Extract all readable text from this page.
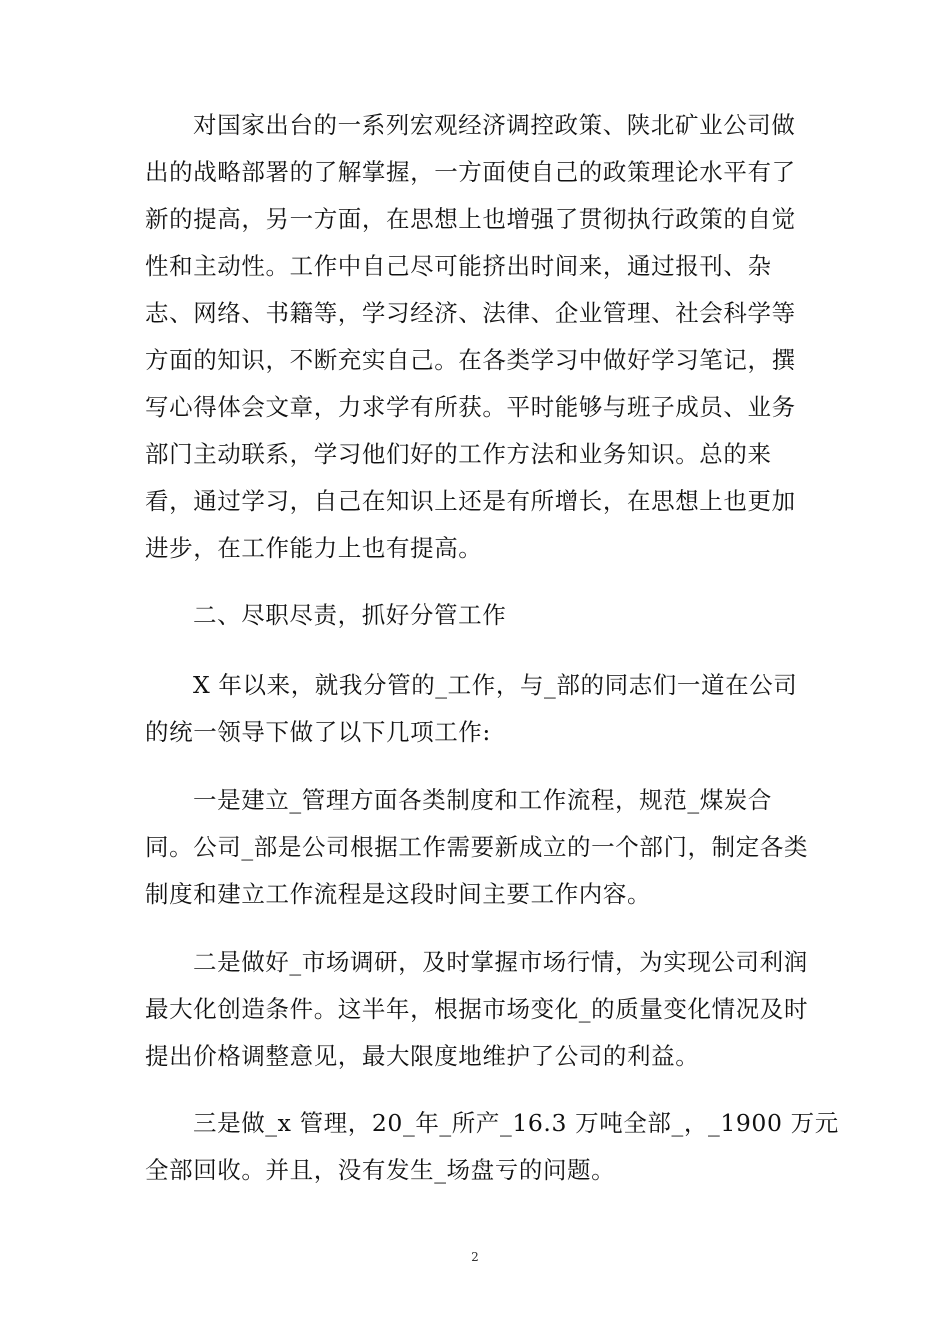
对国家出台的一系列宏观经济调控政策、陕北矿业公司做
出的战略部署的了解掌握，一方面使自己的政策理论水平有了
新的提高，另一方面，在思想上也增强了贯彻执行政策的自觉
性和主动性。工作中自己尽可能挤出时间来，通过报刊、杂
志、网络、书籍等，学习经济、法律、企业管理、社会科学等
方面的知识，不断充实自己。在各类学习中做好学习笔记，撰
写心得体会文章，力求学有所获。平时能够与班子成员、业务
部门主动联系，学习他们好的工作方法和业务知识。总的来
看，通过学习，自己在知识上还是有所增长，在思想上也更加
进步，在工作能力上也有提高。
二、尽职尽责，抓好分管工作
X 年以来，就我分管的_工作，与_部的同志们一道在公司
的统一领导下做了以下几项工作:
一是建立_管理方面各类制度和工作流程，规范_煤炭合
同。公司_部是公司根据工作需要新成立的一个部门，制定各类
制度和建立工作流程是这段时间主要工作内容。
二是做好_市场调研，及时掌握市场行情，为实现公司利润
最大化创造条件。这半年，根据市场变化_的质量变化情况及时
提出价格调整意见，最大限度地维护了公司的利益。
三是做_x 管理，20_年_所产_16.3 万吨全部_，_1900 万元
全部回收。并且，没有发生_场盘亏的问题。
2
